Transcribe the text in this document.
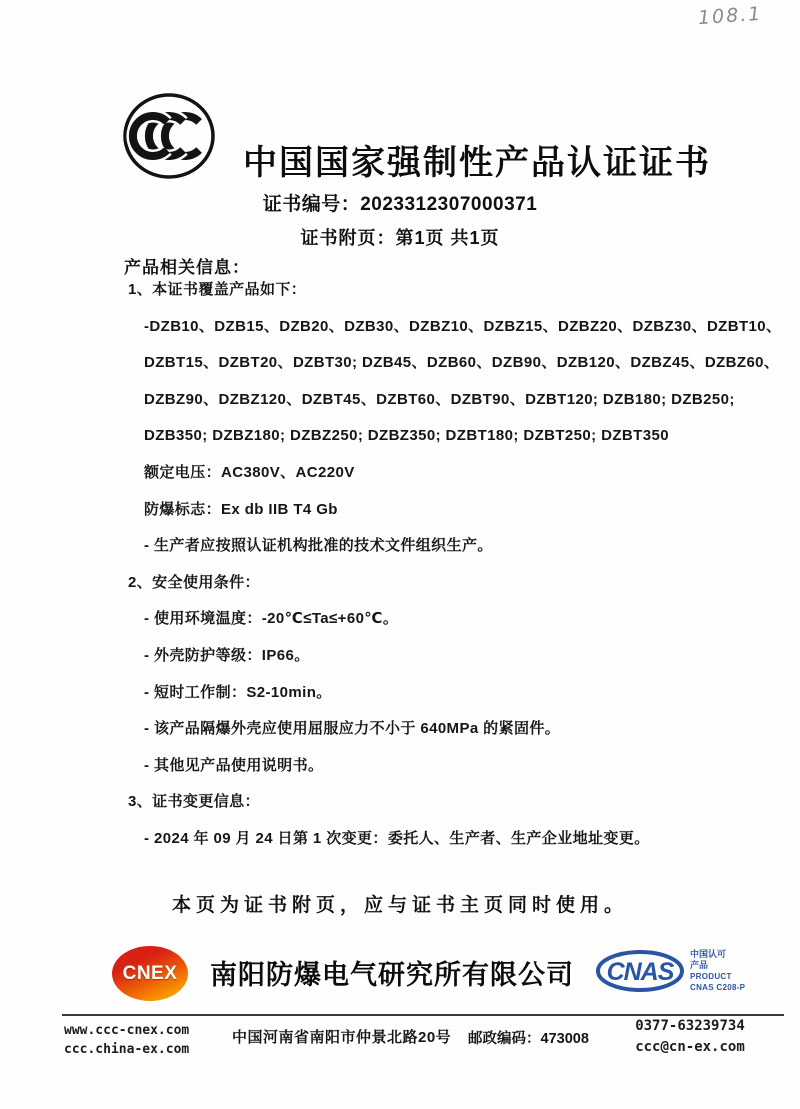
108.1
中国国家强制性产品认证证书
证书编号：2023312307000371
证书附页：第1页 共1页
产品相关信息：
1、本证书覆盖产品如下：
-DZB10、DZB15、DZB20、DZB30、DZBZ10、DZBZ15、DZBZ20、DZBZ30、DZBT10、
DZBT15、DZBT20、DZBT30; DZB45、DZB60、DZB90、DZB120、DZBZ45、DZBZ60、
DZBZ90、DZBZ120、DZBT45、DZBT60、DZBT90、DZBT120; DZB180; DZB250;
DZB350; DZBZ180; DZBZ250; DZBZ350; DZBT180; DZBT250; DZBT350
额定电压：AC380V、AC220V
防爆标志：Ex db IIB T4 Gb
- 生产者应按照认证机构批准的技术文件组织生产。
2、安全使用条件：
- 使用环境温度：-20℃≤Ta≤+60℃。
- 外壳防护等级：IP66。
- 短时工作制：S2-10min。
- 该产品隔爆外壳应使用屈服应力不小于 640MPa 的紧固件。
- 其他见产品使用说明书。
3、证书变更信息：
- 2024 年 09 月 24 日第 1 次变更：委托人、生产者、生产企业地址变更。
本页为证书附页，应与证书主页同时使用。
CNEX 南阳防爆电气研究所有限公司	CNAS
中国认可
产品
PRODUCT
CNAS C208-P
www.ccc-cnex.com
ccc.china-ex.com
中国河南省南阳市仲景北路20号 邮政编码：473008
0377-63239734
ccc@cn-ex.com
